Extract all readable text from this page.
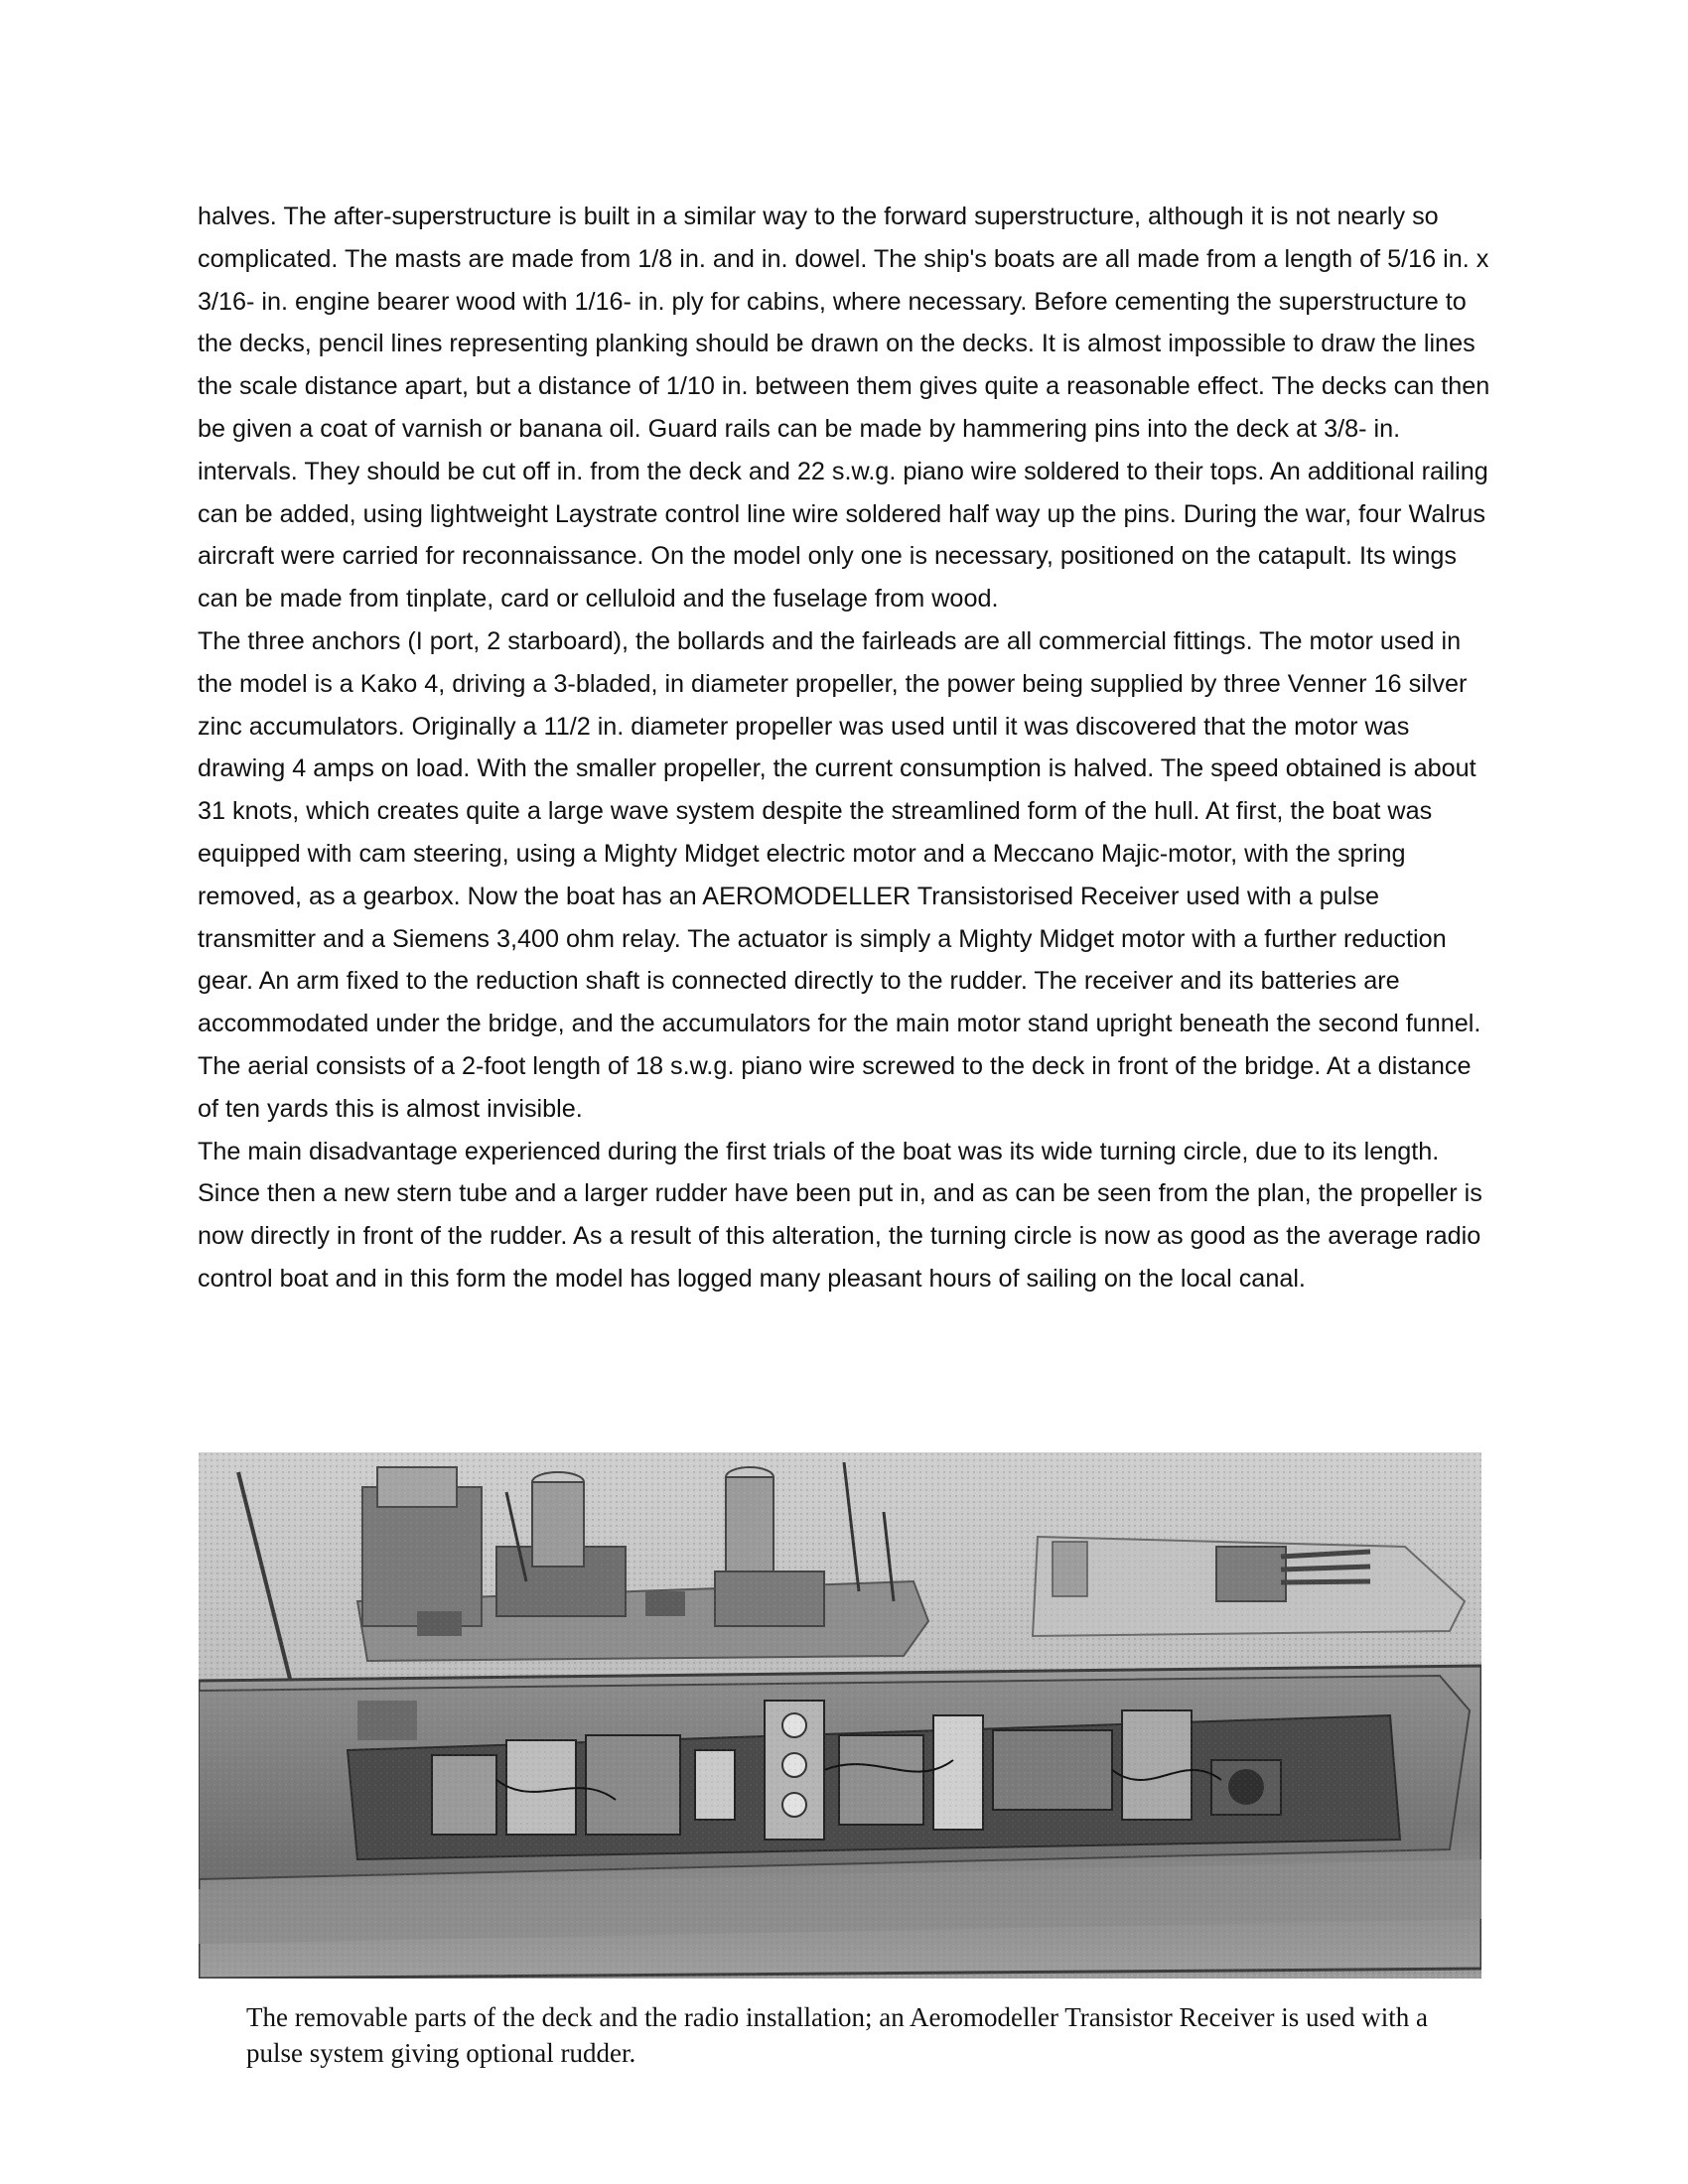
halves. The after-superstructure is built in a similar way to the forward superstructure, although it is not nearly so complicated. The masts are made from 1/8 in. and in. dowel. The ship's boats are all made from a length of 5/16 in. x 3/16- in. engine bearer wood with 1/16- in. ply for cabins, where necessary. Before cementing the superstructure to the decks, pencil lines representing planking should be drawn on the decks. It is almost impossible to draw the lines the scale distance apart, but a distance of 1/10 in. between them gives quite a reasonable effect. The decks can then be given a coat of varnish or banana oil. Guard rails can be made by hammering pins into the deck at 3/8- in. intervals. They should be cut off in. from the deck and 22 s.w.g. piano wire soldered to their tops. An additional railing can be added, using lightweight Laystrate control line wire soldered half way up the pins. During the war, four Walrus aircraft were carried for reconnaissance. On the model only one is necessary, positioned on the catapult. Its wings can be made from tinplate, card or celluloid and the fuselage from wood.

The three anchors (I port, 2 starboard), the bollards and the fairleads are all commercial fittings. The motor used in the model is a Kako 4, driving a 3-bladed, in diameter propeller, the power being supplied by three Venner 16 silver zinc accumulators. Originally a 11/2 in. diameter propeller was used until it was discovered that the motor was drawing 4 amps on load. With the smaller propeller, the current consumption is halved. The speed obtained is about 31 knots, which creates quite a large wave system despite the streamlined form of the hull. At first, the boat was equipped with cam steering, using a Mighty Midget electric motor and a Meccano Majic-motor, with the spring removed, as a gearbox. Now the boat has an AEROMODELLER Transistorised Receiver used with a pulse transmitter and a Siemens 3,400 ohm relay. The actuator is simply a Mighty Midget motor with a further reduction gear. An arm fixed to the reduction shaft is connected directly to the rudder. The receiver and its batteries are accommodated under the bridge, and the accumulators for the main motor stand upright beneath the second funnel. The aerial consists of a 2-foot length of 18 s.w.g. piano wire screwed to the deck in front of the bridge. At a distance of ten yards this is almost invisible.

The main disadvantage experienced during the first trials of the boat was its wide turning circle, due to its length. Since then a new stern tube and a larger rudder have been put in, and as can be seen from the plan, the propeller is now directly in front of the rudder. As a result of this alteration, the turning circle is now as good as the average radio control boat and in this form the model has logged many pleasant hours of sailing on the local canal.

The removable parts of the deck and the radio installation; an Aeromodeller Transistor Receiver is used with a pulse system giving optional rudder.
